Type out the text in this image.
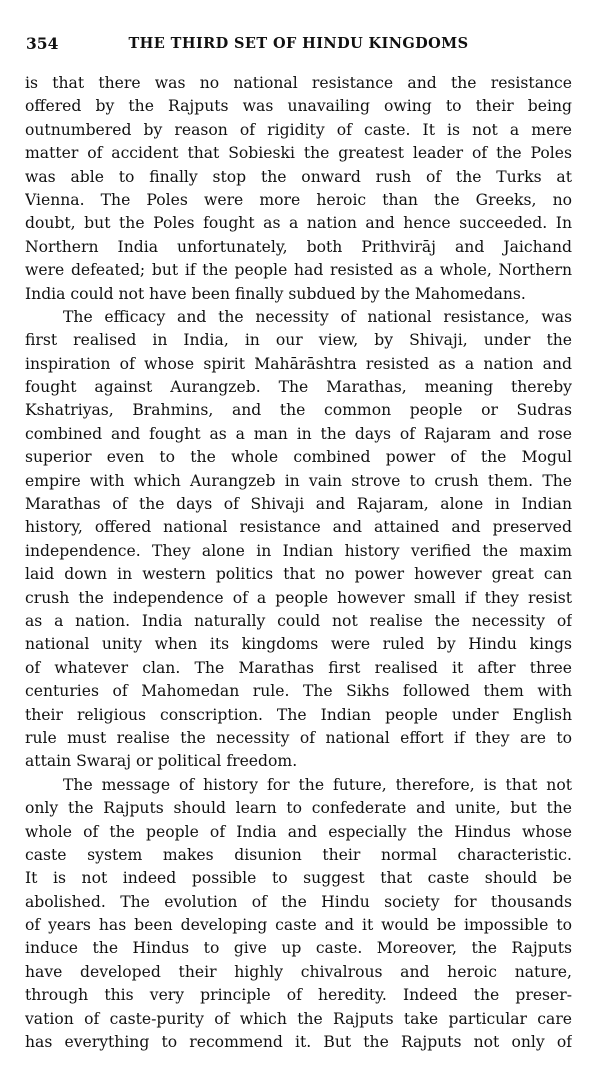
354	THE THIRD SET OF HINDU KINGDOMS
is that there was no national resistance and the resistance
offered by the Rajputs was unavailing owing to their being
outnumbered by reason of rigidity of caste. It is not a mere
matter of accident that Sobieski the greatest leader of the Poles
was able to finally stop the onward rush of the Turks at
Vienna. The Poles were more heroic than the Greeks, no
doubt, but the Poles fought as a nation and hence succeeded. In
Northern India unfortunately, both Prithvirāj and Jaichand
were defeated; but if the people had resisted as a whole, Northern
India could not have been finally subdued by the Mahomedans.
The efficacy and the necessity of national resistance, was
first realised in India, in our view, by Shivaji, under the
inspiration of whose spirit Mahārāshtra resisted as a nation and
fought against Aurangzeb. The Marathas, meaning thereby
Kshatriyas, Brahmins, and the common people or Sudras
combined and fought as a man in the days of Rajaram and rose
superior even to the whole combined power of the Mogul
empire with which Aurangzeb in vain strove to crush them. The
Marathas of the days of Shivaji and Rajaram, alone in Indian
history, offered national resistance and attained and preserved
independence. They alone in Indian history verified the maxim
laid down in western politics that no power however great can
crush the independence of a people however small if they resist
as a nation. India naturally could not realise the necessity of
national unity when its kingdoms were ruled by Hindu kings
of whatever clan. The Marathas first realised it after three
centuries of Mahomedan rule. The Sikhs followed them with
their religious conscription. The Indian people under English
rule must realise the necessity of national effort if they are to
attain Swaraj or political freedom.
The message of history for the future, therefore, is that not
only the Rajputs should learn to confederate and unite, but the
whole of the people of India and especially the Hindus whose
caste system makes disunion their normal characteristic.
It is not indeed possible to suggest that caste should be
abolished. The evolution of the Hindu society for thousands
of years has been developing caste and it would be impossible to
induce the Hindus to give up caste. Moreover, the Rajputs
have developed their highly chivalrous and heroic nature,
through this very principle of heredity. Indeed the preser-
vation of caste-purity of which the Rajputs take particular care
has everything to recommend it. But the Rajputs not only of
